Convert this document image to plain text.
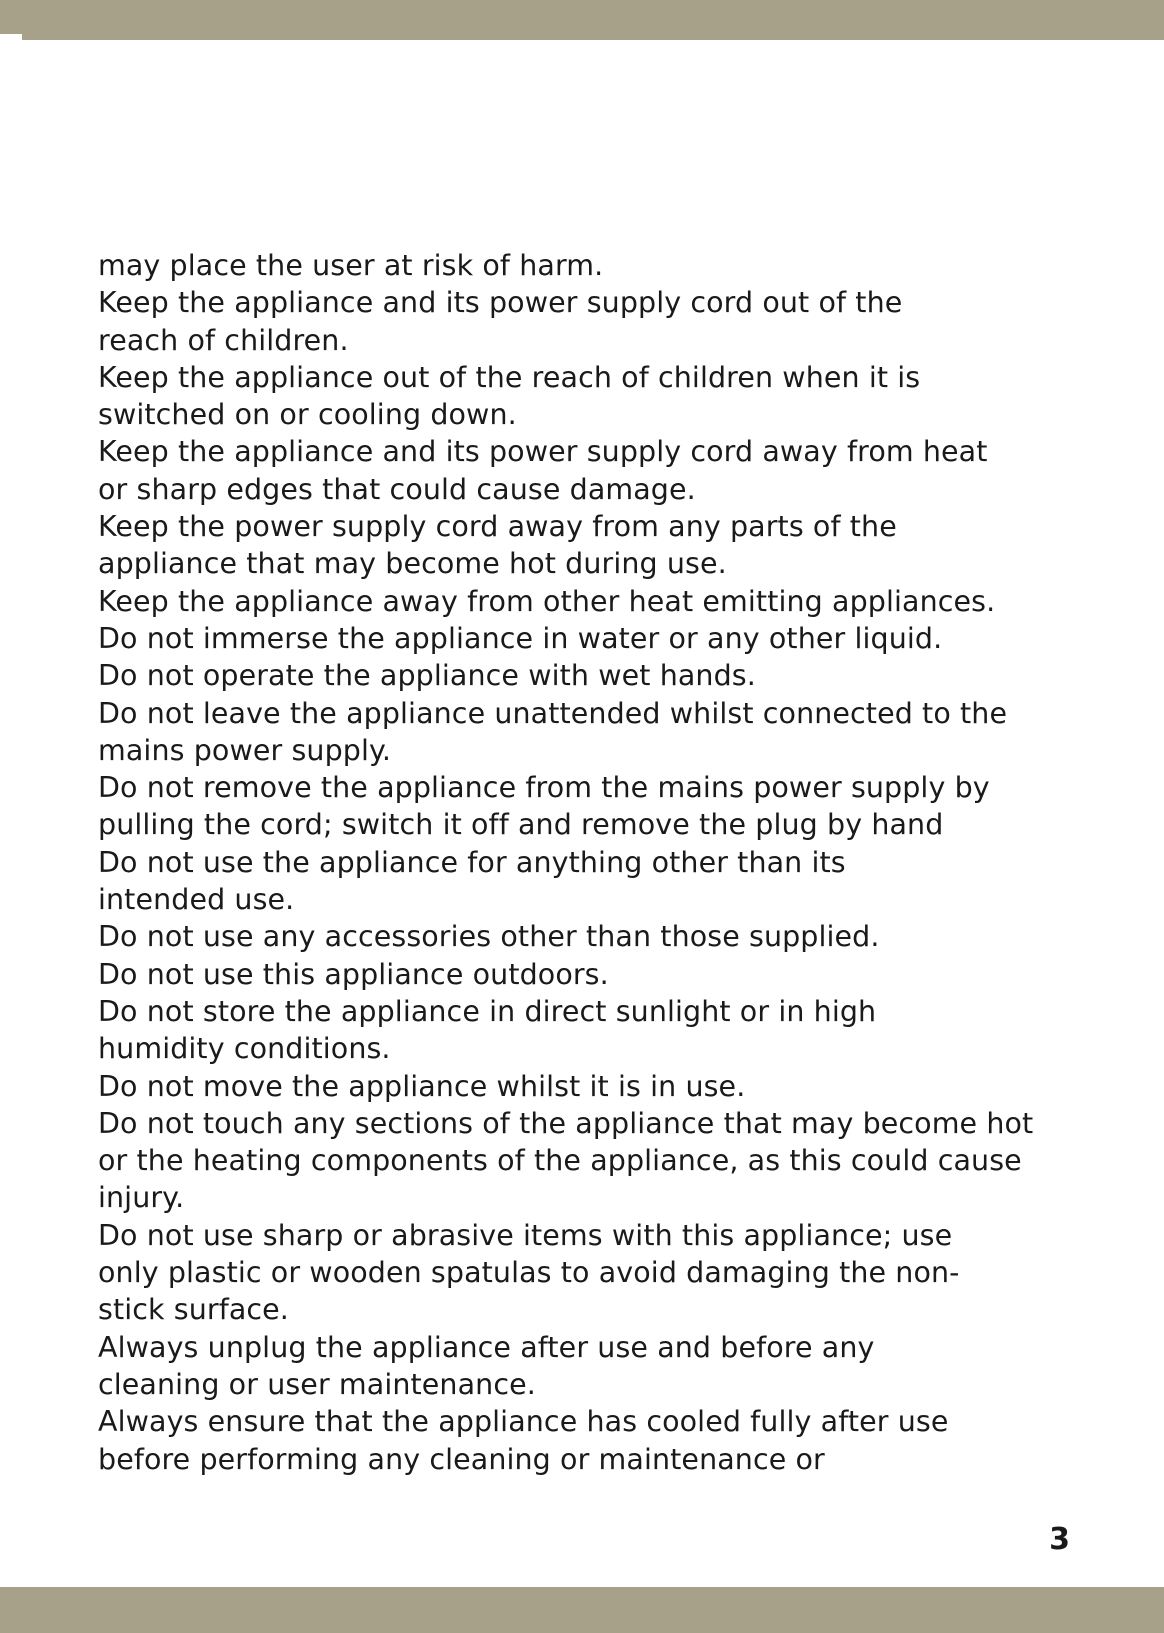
may place the user at risk of harm.

Keep the appliance and its power supply cord out of the reach of children.

Keep the appliance out of the reach of children when it is switched on or cooling down.

Keep the appliance and its power supply cord away from heat or sharp edges that could cause damage.

Keep the power supply cord away from any parts of the appliance that may become hot during use.

Keep the appliance away from other heat emitting appliances.

Do not immerse the appliance in water or any other liquid.

Do not operate the appliance with wet hands.

Do not leave the appliance unattended whilst connected to the mains power supply.

Do not remove the appliance from the mains power supply by pulling the cord; switch it off and remove the plug by hand

Do not use the appliance for anything other than its intended use.

Do not use any accessories other than those supplied.

Do not use this appliance outdoors.

Do not store the appliance in direct sunlight or in high humidity conditions.

Do not move the appliance whilst it is in use.

Do not touch any sections of the appliance that may become hot or the heating components of the appliance, as this could cause injury.

Do not use sharp or abrasive items with this appliance; use only plastic or wooden spatulas to avoid damaging the non-stick surface.

Always unplug the appliance after use and before any cleaning or user maintenance.

Always ensure that the appliance has cooled fully after use before performing any cleaning or maintenance or

3
